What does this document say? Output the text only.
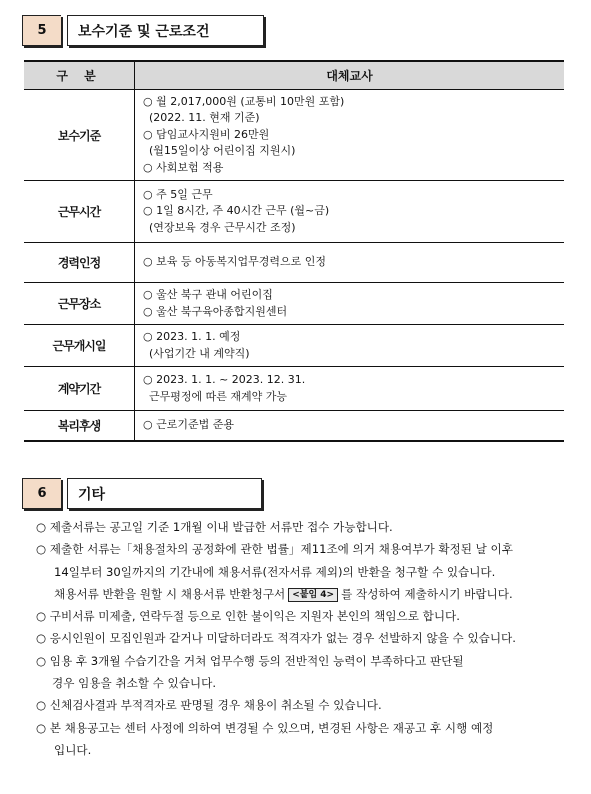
5	보수기준 및 근로조건
구 분	대체교사
보수기준	○ 월 2,017,000원 (교통비 10만원 포함)
(2022. 11. 현재 기준)
○ 담임교사지원비 26만원
(월15일이상 어린이집 지원시)
○ 사회보험 적용

근무시간	○ 주 5일 근무
○ 1일 8시간, 주 40시간 근무 (월~금)
(연장보육 경우 근무시간 조정)

경력인정	○ 보육 등 아동복지업무경력으로 인정

근무장소	○ 울산 북구 관내 어린이집
○ 울산 북구육아종합지원센터

근무개시일	○ 2023. 1. 1. 예정
(사업기간 내 계약직)

계약기간	○ 2023. 1. 1. ~ 2023. 12. 31.
근무평정에 따른 재계약 가능

복리후생	○ 근로기준법 준용
6	기타
○ 제출서류는 공고일 기준 1개월 이내 발급한 서류만 접수 가능합니다.
○ 제출한 서류는「채용절차의 공정화에 관한 법률」제11조에 의거 채용여부가 확정된 날 이후
14일부터 30일까지의 기간내에 채용서류(전자서류 제외)의 반환을 청구할 수 있습니다.
채용서류 반환을 원할 시 채용서류 반환청구서 <붙임 4> 를 작성하여 제출하시기 바랍니다.
○ 구비서류 미제출, 연락두절 등으로 인한 불이익은 지원자 본인의 책임으로 합니다.
○ 응시인원이 모집인원과 같거나 미달하더라도 적격자가 없는 경우 선발하지 않을 수 있습니다.
○ 임용 후 3개월 수습기간을 거쳐 업무수행 등의 전반적인 능력이 부족하다고 판단될
경우 임용을 취소할 수 있습니다.
○ 신체검사결과 부적격자로 판명될 경우 채용이 취소될 수 있습니다.
○ 본 채용공고는 센터 사정에 의하여 변경될 수 있으며, 변경된 사항은 재공고 후 시행 예정
입니다.
